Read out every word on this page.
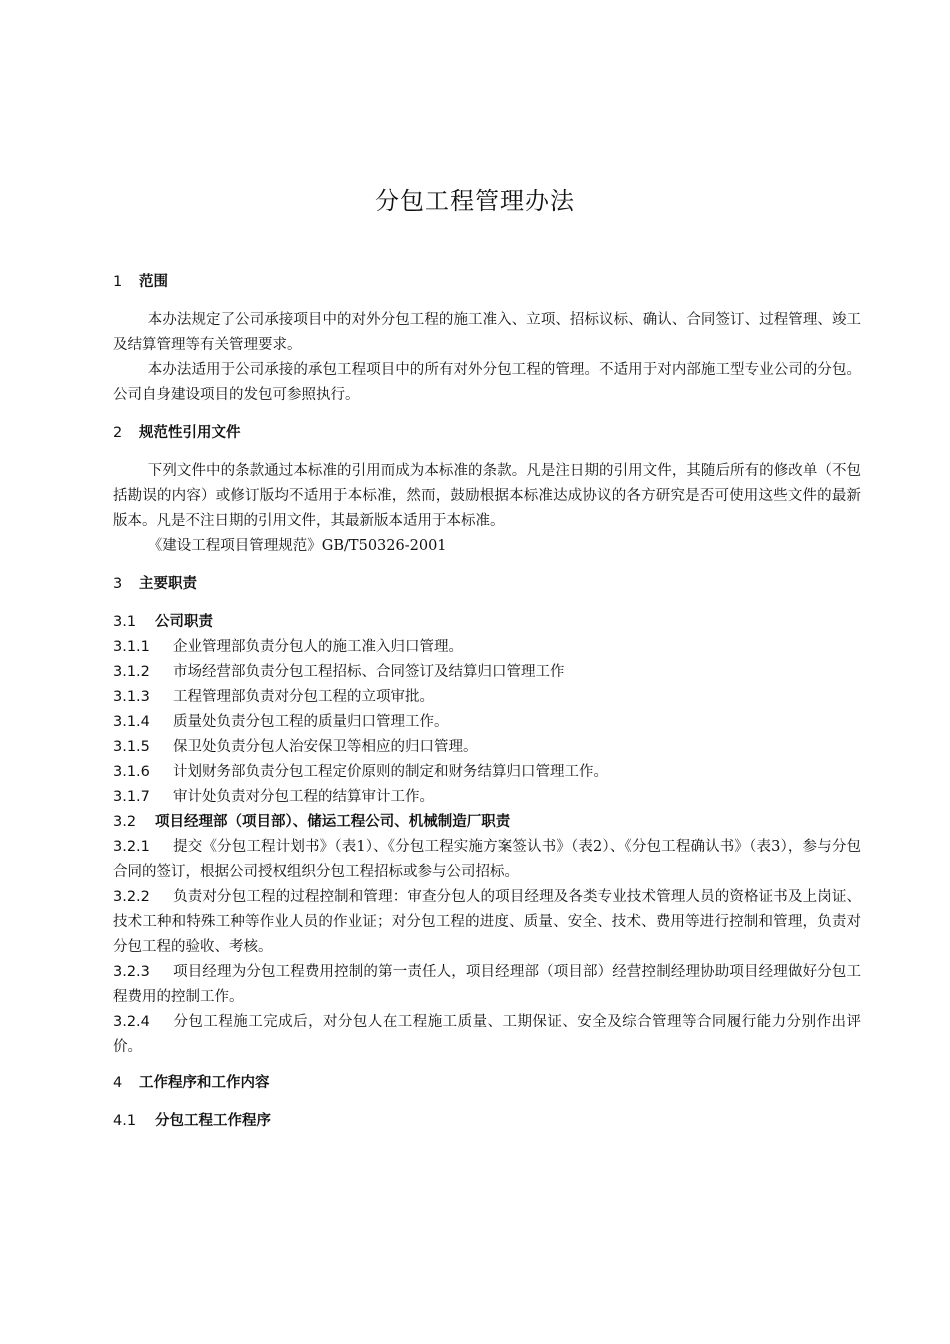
分包工程管理办法
1 范围

本办法规定了公司承接项目中的对外分包工程的施工准入、立项、招标议标、确认、合同签订、过程管理、竣工及结算管理等有关管理要求。

本办法适用于公司承接的承包工程项目中的所有对外分包工程的管理。不适用于对内部施工型专业公司的分包。公司自身建设项目的发包可参照执行。

2 规范性引用文件

下列文件中的条款通过本标准的引用而成为本标准的条款。凡是注日期的引用文件，其随后所有的修改单（不包括勘误的内容）或修订版均不适用于本标准，然而，鼓励根据本标准达成协议的各方研究是否可使用这些文件的最新版本。凡是不注日期的引用文件，其最新版本适用于本标准。

《建设工程项目管理规范》GB/T50326-2001

3 主要职责
3.1 公司职责

3.1.1 企业管理部负责分包人的施工准入归口管理。

3.1.2 市场经营部负责分包工程招标、合同签订及结算归口管理工作

3.1.3 工程管理部负责对分包工程的立项审批。

3.1.4 质量处负责分包工程的质量归口管理工作。

3.1.5 保卫处负责分包人治安保卫等相应的归口管理。

3.1.6 计划财务部负责分包工程定价原则的制定和财务结算归口管理工作。

3.1.7 审计处负责对分包工程的结算审计工作。

3.2 项目经理部（项目部）、储运工程公司、机械制造厂职责

3.2.1 提交《分包工程计划书》（表1）、《分包工程实施方案签认书》（表2）、《分包工程确认书》（表3），参与分包合同的签订，根据公司授权组织分包工程招标或参与公司招标。

3.2.2 负责对分包工程的过程控制和管理：审查分包人的项目经理及各类专业技术管理人员的资格证书及上岗证、技术工种和特殊工种等作业人员的作业证；对分包工程的进度、质量、安全、技术、费用等进行控制和管理，负责对分包工程的验收、考核。

3.2.3 项目经理为分包工程费用控制的第一责任人，项目经理部（项目部）经营控制经理协助项目经理做好分包工程费用的控制工作。

3.2.4 分包工程施工完成后，对分包人在工程施工质量、工期保证、安全及综合管理等合同履行能力分别作出评价。

4 工作程序和工作内容
4.1 分包工程工作程序
